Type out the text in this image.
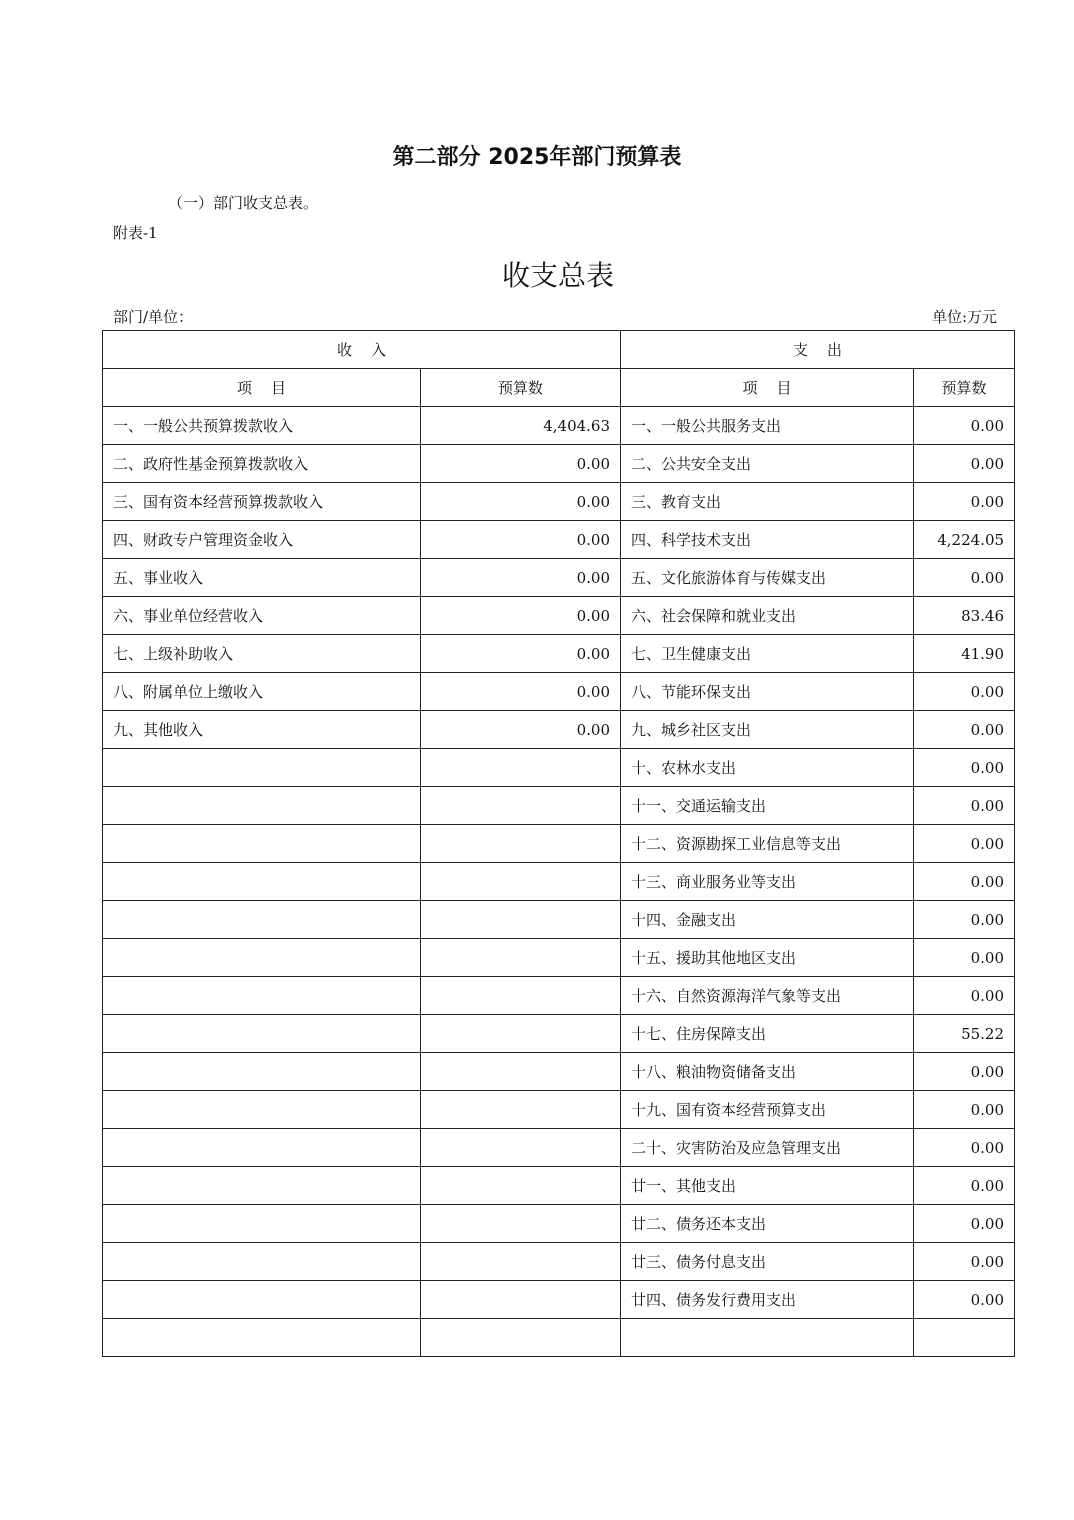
第二部分 2025年部门预算表
（一）部门收支总表。
附表-1
收支总表
部门/单位：	单位:万元
收    入		支    出	
项    目	预算数	项    目	预算数
一、一般公共预算拨款收入	4,404.63	一、一般公共服务支出	0.00
二、政府性基金预算拨款收入	0.00	二、公共安全支出	0.00
三、国有资本经营预算拨款收入	0.00	三、教育支出	0.00
四、财政专户管理资金收入	0.00	四、科学技术支出	4,224.05
五、事业收入	0.00	五、文化旅游体育与传媒支出	0.00
六、事业单位经营收入	0.00	六、社会保障和就业支出	83.46
七、上级补助收入	0.00	七、卫生健康支出	41.90
八、附属单位上缴收入	0.00	八、节能环保支出	0.00
九、其他收入	0.00	九、城乡社区支出	0.00
		十、农林水支出	0.00
		十一、交通运输支出	0.00
		十二、资源勘探工业信息等支出	0.00
		十三、商业服务业等支出	0.00
		十四、金融支出	0.00
		十五、援助其他地区支出	0.00
		十六、自然资源海洋气象等支出	0.00
		十七、住房保障支出	55.22
		十八、粮油物资储备支出	0.00
		十九、国有资本经营预算支出	0.00
		二十、灾害防治及应急管理支出	0.00
		廿一、其他支出	0.00
		廿二、债务还本支出	0.00
		廿三、债务付息支出	0.00
		廿四、债务发行费用支出	0.00
